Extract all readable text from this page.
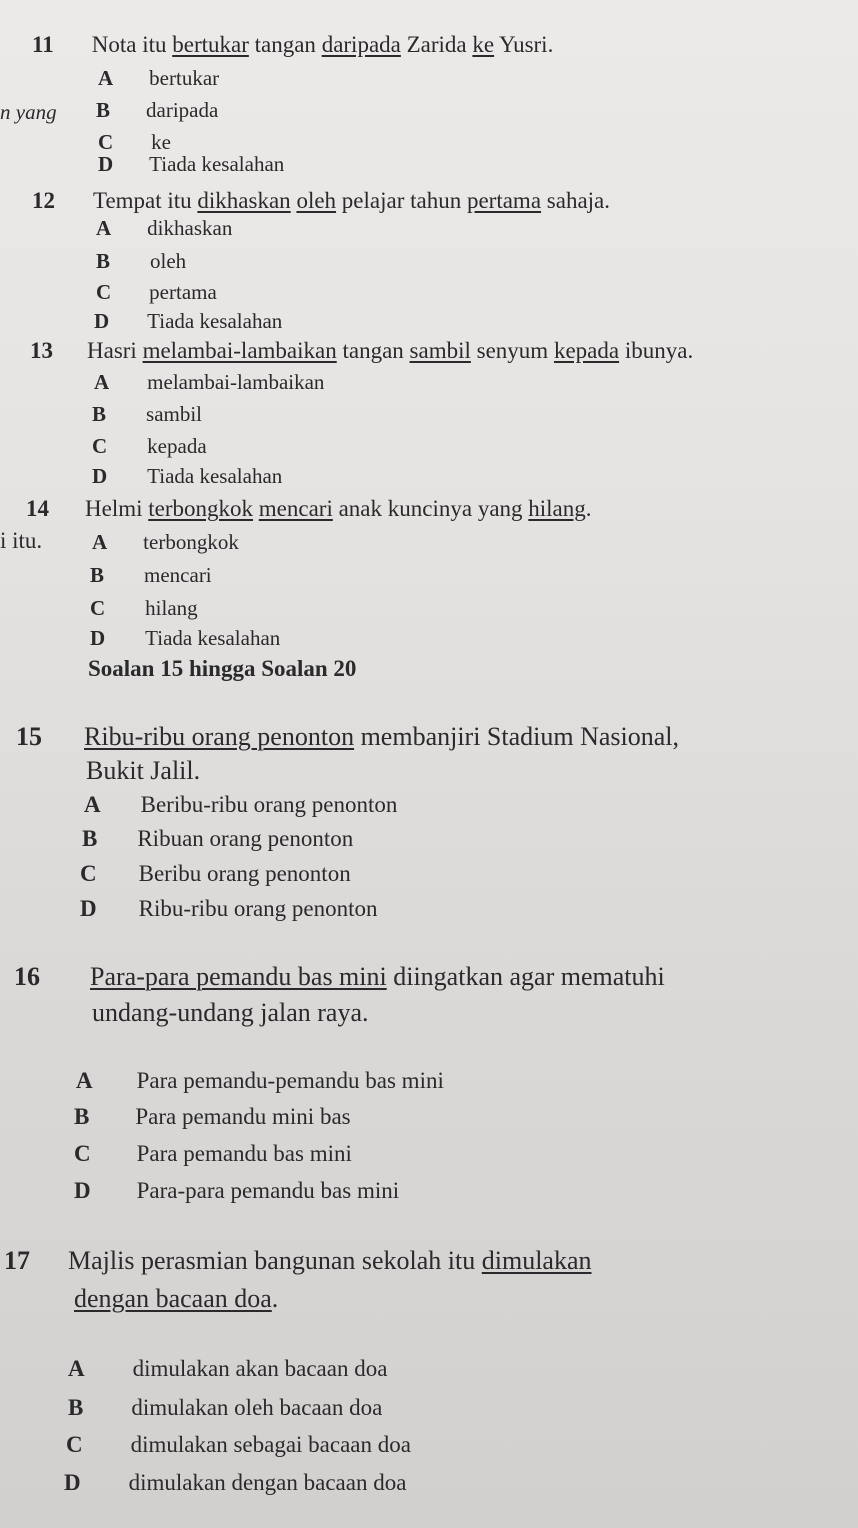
n yang
i itu.
11 Nota itu bertukar tangan daripada Zarida ke Yusri.
A bertukar
B daripada
C ke
D Tiada kesalahan
12 Tempat itu dikhaskan oleh pelajar tahun pertama sahaja.
A dikhaskan
B oleh
C pertama
D Tiada kesalahan
13 Hasri melambai-lambaikan tangan sambil senyum kepada ibunya.
A melambai-lambaikan
B sambil
C kepada
D Tiada kesalahan
14 Helmi terbongkok mencari anak kuncinya yang hilang.
A terbongkok
B mencari
C hilang
D Tiada kesalahan
Soalan 15 hingga Soalan 20
15 Ribu-ribu orang penonton membanjiri Stadium Nasional,
Bukit Jalil.
A Beribu-ribu orang penonton
B Ribuan orang penonton
C Beribu orang penonton
D Ribu-ribu orang penonton
16 Para-para pemandu bas mini diingatkan agar mematuhi
undang-undang jalan raya.
A Para pemandu-pemandu bas mini
B Para pemandu mini bas
C Para pemandu bas mini
D Para-para pemandu bas mini
17 Majlis perasmian bangunan sekolah itu dimulakan
dengan bacaan doa.
A dimulakan akan bacaan doa
B dimulakan oleh bacaan doa
C dimulakan sebagai bacaan doa
D dimulakan dengan bacaan doa
